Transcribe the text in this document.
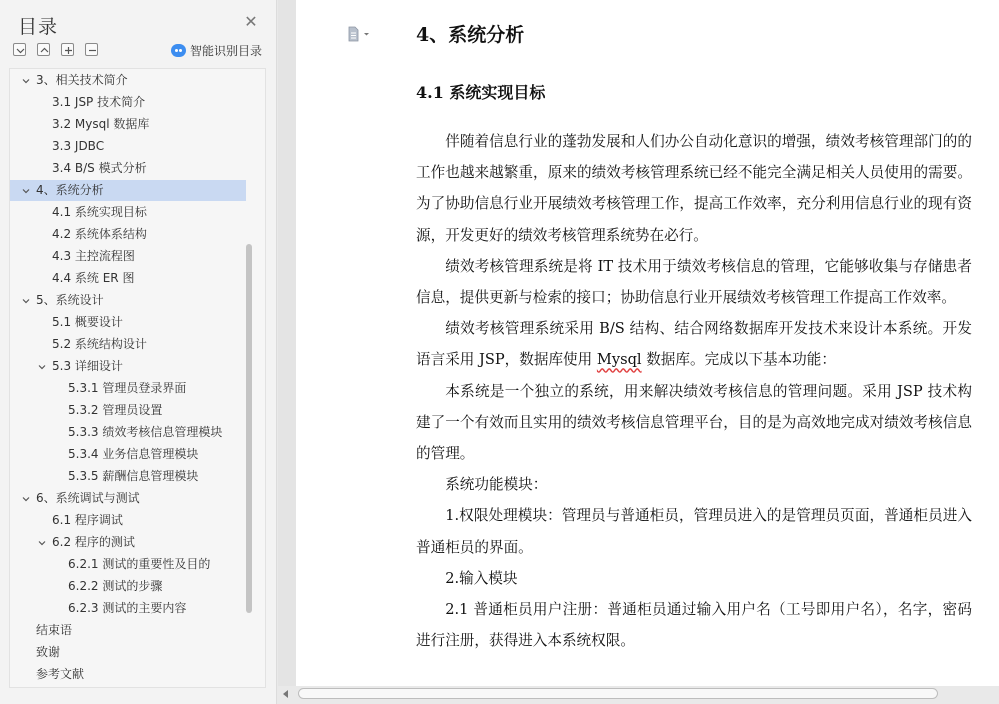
目录	✕
智能识别目录
3、相关技术简介
3.1 JSP 技术简介
3.2 Mysql 数据库
3.3 JDBC
3.4 B/S 模式分析
4、系统分析
4.1 系统实现目标
4.2 系统体系结构
4.3 主控流程图
4.4 系统 ER 图
5、系统设计
5.1 概要设计
5.2 系统结构设计
5.3 详细设计
5.3.1 管理员登录界面
5.3.2 管理员设置
5.3.3 绩效考核信息管理模块
5.3.4 业务信息管理模块
5.3.5 薪酬信息管理模块
6、系统调试与测试
6.1 程序调试
6.2 程序的测试
6.2.1 测试的重要性及目的
6.2.2 测试的步骤
6.2.3 测试的主要内容
结束语
致谢
参考文献
4、系统分析
4.1 系统实现目标

伴随着信息行业的蓬勃发展和人们办公自动化意识的增强，绩效考核管理部门的的工作也越来越繁重，原来的绩效考核管理系统已经不能完全满足相关人员使用的需要。为了协助信息行业开展绩效考核管理工作，提高工作效率，充分利用信息行业的现有资源，开发更好的绩效考核管理系统势在必行。

绩效考核管理系统是将 IT 技术用于绩效考核信息的管理，它能够收集与存储患者信息，提供更新与检索的接口；协助信息行业开展绩效考核管理工作提高工作效率。

绩效考核管理系统采用 B/S 结构、结合网络数据库开发技术来设计本系统。开发语言采用 JSP，数据库使用 Mysql 数据库。完成以下基本功能：

本系统是一个独立的系统，用来解决绩效考核信息的管理问题。采用 JSP 技术构建了一个有效而且实用的绩效考核信息管理平台，目的是为高效地完成对绩效考核信息的管理。

系统功能模块：

1.权限处理模块：管理员与普通柜员，管理员进入的是管理员页面，普通柜员进入普通柜员的界面。

2.输入模块

2.1 普通柜员用户注册：普通柜员通过输入用户名（工号即用户名），名字，密码进行注册，获得进入本系统权限。
